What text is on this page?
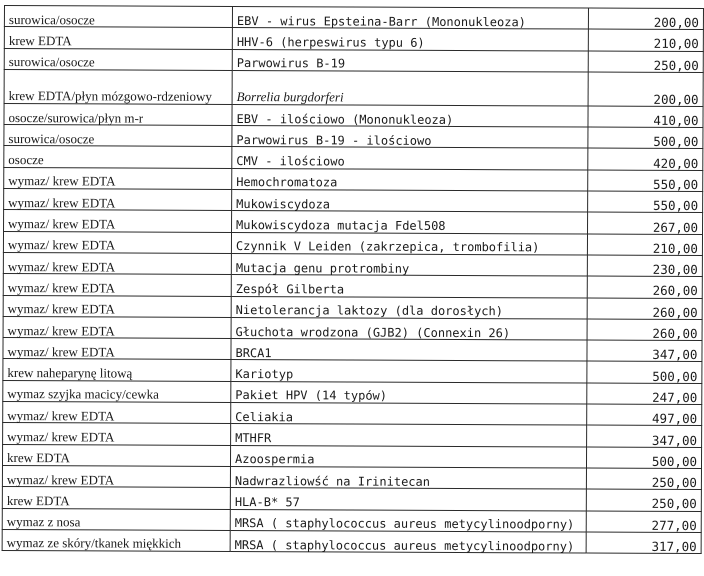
surowica/osocze	EBV - wirus Epsteina-Barr (Mononukleoza)	200,00
krew EDTA	HHV-6 (herpeswirus typu 6)	210,00
surowica/osocze	Parwowirus B-19	250,00
krew EDTA/płyn mózgowo-rdzeniowy	Borrelia burgdorferi	200,00
osocze/surowica/płyn m-r	EBV - ilościowo (Mononukleoza)	410,00
surowica/osocze	Parwowirus B-19 - ilościowo	500,00
osocze	CMV - ilościowo	420,00
wymaz/ krew EDTA	Hemochromatoza	550,00
wymaz/ krew EDTA	Mukowiscydoza	550,00
wymaz/ krew EDTA	Mukowiscydoza mutacja Fdel508	267,00
wymaz/ krew EDTA	Czynnik V Leiden (zakrzepica, trombofilia)	210,00
wymaz/ krew EDTA	Mutacja genu protrombiny	230,00
wymaz/ krew EDTA	Zespół Gilberta	260,00
wymaz/ krew EDTA	Nietolerancja laktozy (dla dorosłych)	260,00
wymaz/ krew EDTA	Głuchota wrodzona (GJB2) (Connexin 26)	260,00
wymaz/ krew EDTA	BRCA1	347,00
krew naheparynę litową	Kariotyp	500,00
wymaz szyjka macicy/cewka	Pakiet HPV (14 typów)	247,00
wymaz/ krew EDTA	Celiakia	497,00
wymaz/ krew EDTA	MTHFR	347,00
krew EDTA	Azoospermia	500,00
wymaz/ krew EDTA	Nadwrazliowść na Irinitecan	250,00
krew EDTA	HLA-B* 57	250,00
wymaz z nosa	MRSA ( staphylococcus aureus metycylinoodporny)	277,00
wymaz ze skóry/tkanek miękkich	MRSA ( staphylococcus aureus metycylinoodporny)	317,00
